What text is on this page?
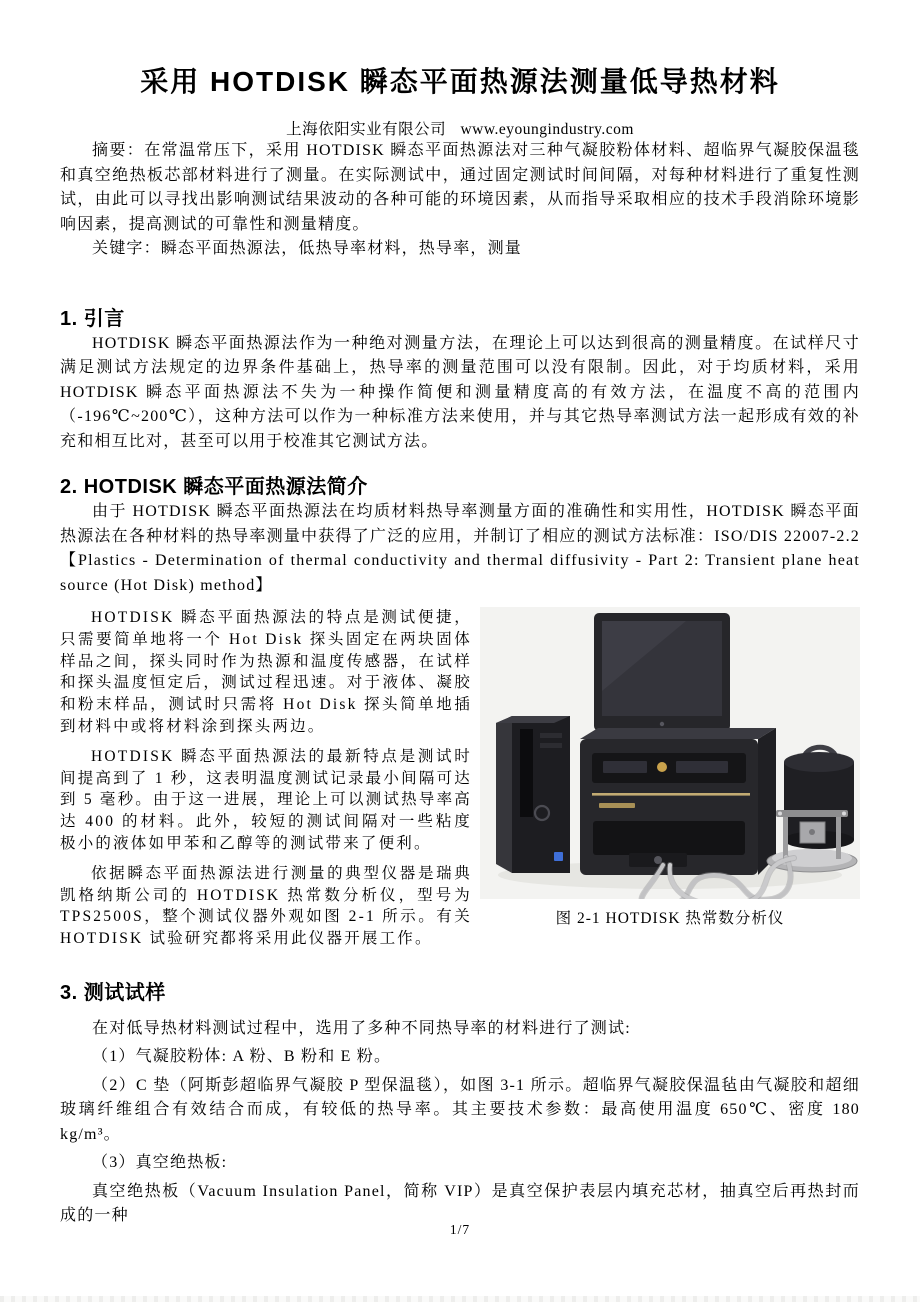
采用 HOTDISK 瞬态平面热源法测量低导热材料
上海依阳实业有限公司 www.eyoungindustry.com

摘要：在常温常压下，采用 HOTDISK 瞬态平面热源法对三种气凝胶粉体材料、超临界气凝胶保温毯和真空绝热板芯部材料进行了测量。在实际测试中，通过固定测试时间间隔，对每种材料进行了重复性测试，由此可以寻找出影响测试结果波动的各种可能的环境因素，从而指导采取相应的技术手段消除环境影响因素，提高测试的可靠性和测量精度。

关键字：瞬态平面热源法，低热导率材料，热导率，测量

1. 引言

HOTDISK 瞬态平面热源法作为一种绝对测量方法，在理论上可以达到很高的测量精度。在试样尺寸满足测试方法规定的边界条件基础上，热导率的测量范围可以没有限制。因此，对于均质材料，采用 HOTDISK 瞬态平面热源法不失为一种操作简便和测量精度高的有效方法，在温度不高的范围内（-196℃~200℃），这种方法可以作为一种标准方法来使用，并与其它热导率测试方法一起形成有效的补充和相互比对，甚至可以用于校准其它测试方法。

2. HOTDISK 瞬态平面热源法简介

由于 HOTDISK 瞬态平面热源法在均质材料热导率测量方面的准确性和实用性，HOTDISK 瞬态平面热源法在各种材料的热导率测量中获得了广泛的应用，并制订了相应的测试方法标准：ISO/DIS 22007-2.2【Plastics - Determination of thermal conductivity and thermal diffusivity - Part 2: Transient plane heat source (Hot Disk) method】

HOTDISK 瞬态平面热源法的特点是测试便捷，只需要简单地将一个 Hot Disk 探头固定在两块固体样品之间，探头同时作为热源和温度传感器，在试样和探头温度恒定后，测试过程迅速。对于液体、凝胶和粉末样品，测试时只需将 Hot Disk 探头简单地插到材料中或将材料涂到探头两边。

HOTDISK 瞬态平面热源法的最新特点是测试时间提高到了 1 秒，这表明温度测试记录最小间隔可达到 5 毫秒。由于这一进展，理论上可以测试热导率高达 400 的材料。此外，较短的测试间隔对一些粘度极小的液体如甲苯和乙醇等的测试带来了便利。

依据瞬态平面热源法进行测量的典型仪器是瑞典凯格纳斯公司的 HOTDISK 热常数分析仪，型号为 TPS2500S，整个测试仪器外观如图 2-1 所示。有关 HOTDISK 试验研究都将采用此仪器开展工作。

图 2-1 HOTDISK 热常数分析仪
3. 测试试样

在对低导热材料测试过程中，选用了多种不同热导率的材料进行了测试:

（1）气凝胶粉体: A 粉、B 粉和 E 粉。

（2）C 垫（阿斯彭超临界气凝胶 P 型保温毯），如图 3-1 所示。超临界气凝胶保温毡由气凝胶和超细玻璃纤维组合有效结合而成，有较低的热导率。其主要技术参数：最高使用温度 650℃、密度 180 kg/m³。

（3）真空绝热板:

真空绝热板（Vacuum Insulation Panel，简称 VIP）是真空保护表层内填充芯材，抽真空后再热封而成的一种

1/7
